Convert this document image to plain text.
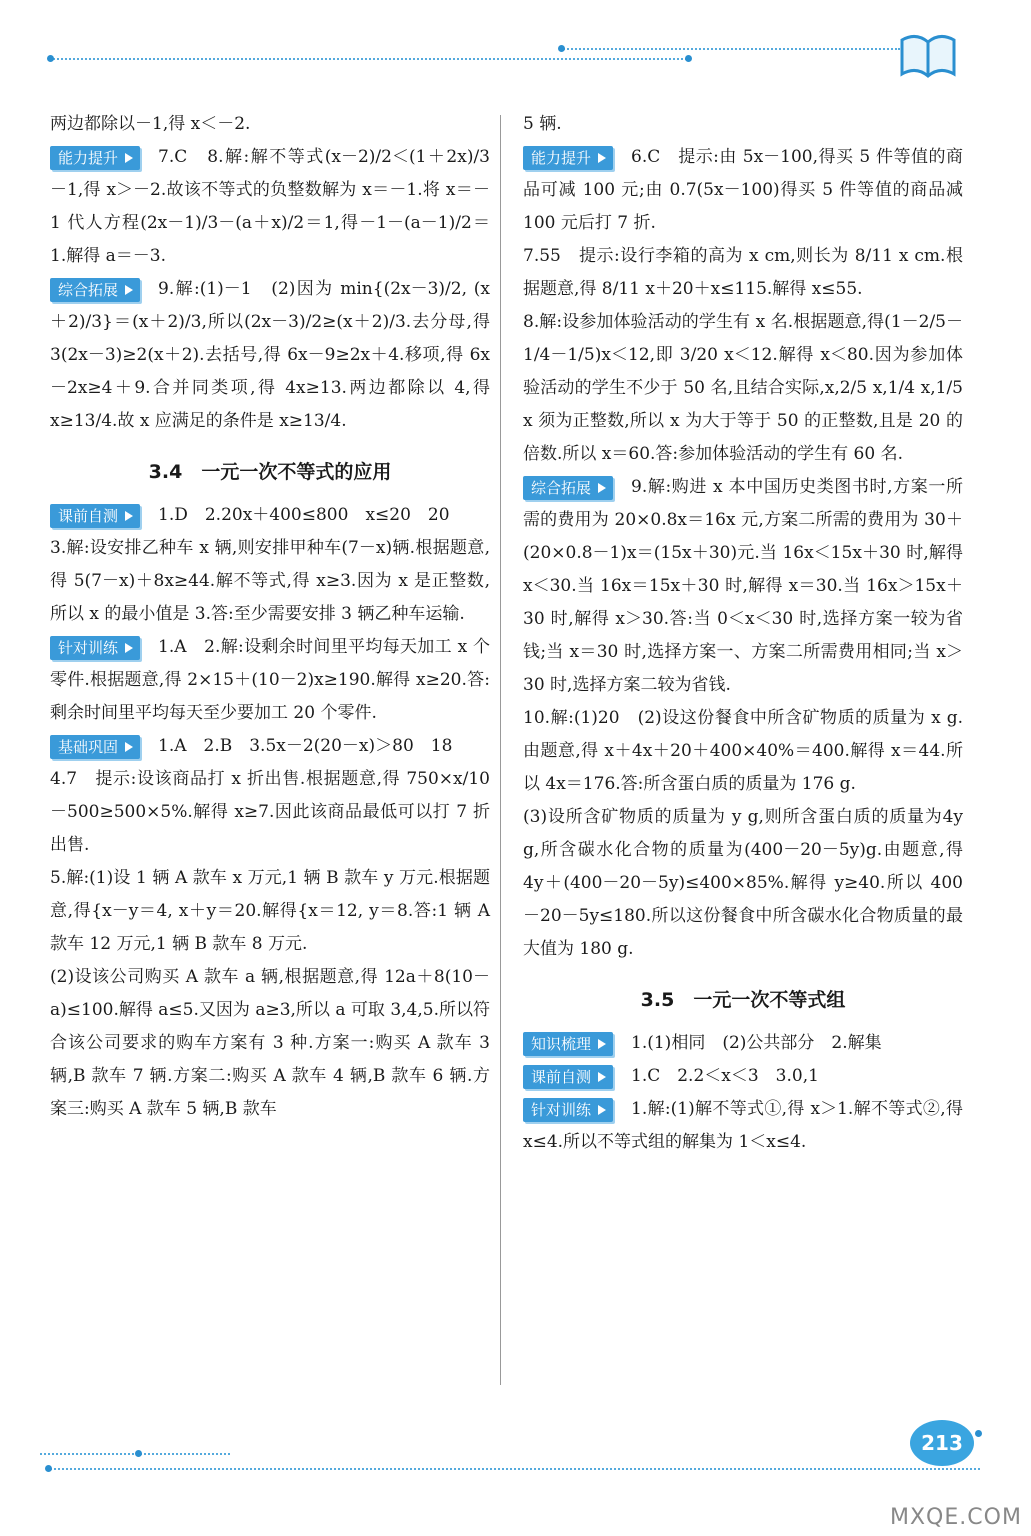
两边都除以－1,得 x＜－2.

能力提升 7.C　8.解:解不等式(x－2)/2＜(1＋2x)/3－1,得 x＞－2.故该不等式的负整数解为 x＝－1.将 x＝－1 代人方程(2x－1)/3－(a＋x)/2＝1,得－1－(a－1)/2＝1.解得 a＝－3.

综合拓展 9.解:(1)－1　(2)因为 min{(2x－3)/2, (x＋2)/3}＝(x＋2)/3,所以(2x－3)/2≥(x＋2)/3.去分母,得 3(2x－3)≥2(x＋2).去括号,得 6x－9≥2x＋4.移项,得 6x－2x≥4＋9.合并同类项,得 4x≥13.两边都除以 4,得 x≥13/4.故 x 应满足的条件是 x≥13/4.

3.4　一元一次不等式的应用

课前自测 1.D　2.20x＋400≤800　x≤20　20

3.解:设安排乙种车 x 辆,则安排甲种车(7－x)辆.根据题意,得 5(7－x)＋8x≥44.解不等式,得 x≥3.因为 x 是正整数,所以 x 的最小值是 3.答:至少需要安排 3 辆乙种车运输.

针对训练 1.A　2.解:设剩余时间里平均每天加工 x 个零件.根据题意,得 2×15＋(10－2)x≥190.解得 x≥20.答:剩余时间里平均每天至少要加工 20 个零件.

基础巩固 1.A　2.B　3.5x－2(20－x)＞80　18

4.7　提示:设该商品打 x 折出售.根据题意,得 750×x/10－500≥500×5%.解得 x≥7.因此该商品最低可以打 7 折出售.

5.解:(1)设 1 辆 A 款车 x 万元,1 辆 B 款车 y 万元.根据题意,得{x－y＝4, x＋y＝20.解得{x＝12, y＝8.答:1 辆 A 款车 12 万元,1 辆 B 款车 8 万元.

(2)设该公司购买 A 款车 a 辆,根据题意,得 12a＋8(10－a)≤100.解得 a≤5.又因为 a≥3,所以 a 可取 3,4,5.所以符合该公司要求的购车方案有 3 种.方案一:购买 A 款车 3 辆,B 款车 7 辆.方案二:购买 A 款车 4 辆,B 款车 6 辆.方案三:购买 A 款车 5 辆,B 款车

5 辆.

能力提升 6.C　提示:由 5x－100,得买 5 件等值的商品可减 100 元;由 0.7(5x－100)得买 5 件等值的商品减 100 元后打 7 折.

7.55　提示:设行李箱的高为 x cm,则长为 8/11 x cm.根据题意,得 8/11 x＋20＋x≤115.解得 x≤55.

8.解:设参加体验活动的学生有 x 名.根据题意,得(1－2/5－1/4－1/5)x＜12,即 3/20 x＜12.解得 x＜80.因为参加体验活动的学生不少于 50 名,且结合实际,x,2/5 x,1/4 x,1/5 x 须为正整数,所以 x 为大于等于 50 的正整数,且是 20 的倍数.所以 x＝60.答:参加体验活动的学生有 60 名.

综合拓展 9.解:购进 x 本中国历史类图书时,方案一所需的费用为 20×0.8x＝16x 元,方案二所需的费用为 30＋(20×0.8－1)x＝(15x＋30)元.当 16x＜15x＋30 时,解得 x＜30.当 16x＝15x＋30 时,解得 x＝30.当 16x＞15x＋30 时,解得 x＞30.答:当 0＜x＜30 时,选择方案一较为省钱;当 x＝30 时,选择方案一、方案二所需费用相同;当 x＞30 时,选择方案二较为省钱.

10.解:(1)20　(2)设这份餐食中所含矿物质的质量为 x g.由题意,得 x＋4x＋20＋400×40%＝400.解得 x＝44.所以 4x＝176.答:所含蛋白质的质量为 176 g.

(3)设所含矿物质的质量为 y g,则所含蛋白质的质量为4y g,所含碳水化合物的质量为(400－20－5y)g.由题意,得 4y＋(400－20－5y)≤400×85%.解得 y≥40.所以 400－20－5y≤180.所以这份餐食中所含碳水化合物质量的最大值为 180 g.

3.5　一元一次不等式组

知识梳理 1.(1)相同　(2)公共部分　2.解集

课前自测 1.C　2.2＜x＜3　3.0,1

针对训练 1.解:(1)解不等式①,得 x＞1.解不等式②,得 x≤4.所以不等式组的解集为 1＜x≤4.

213
MXQE.COM
